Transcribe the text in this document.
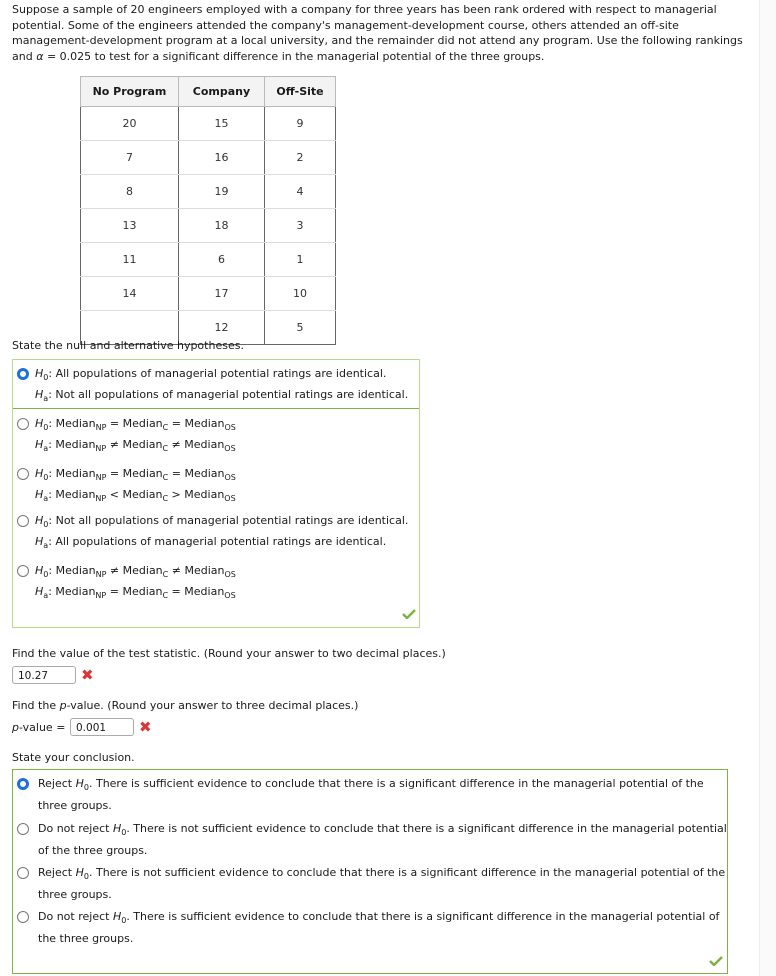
Suppose a sample of 20 engineers employed with a company for three years has been rank ordered with respect to managerial potential. Some of the engineers attended the company's management-development course, others attended an off-site management-development program at a local university, and the remainder did not attend any program. Use the following rankings and α = 0.025 to test for a significant difference in the managerial potential of the three groups.
No Program	Company	Off-Site
20	15	9
7	16	2
8	19	4
13	18	3
11	6	1
14	17	10
	12	5
State the null and alternative hypotheses.
$H_0$: All populations of managerial potential ratings are identical.
$H_a$: Not all populations of managerial potential ratings are identical.
$H_0$: Median$_{NP}$ = Median$_C$ = Median$_{OS}$
$H_a$: Median$_{NP}$ ≠ Median$_C$ ≠ Median$_{OS}$
$H_0$: Median$_{NP}$ = Median$_C$ = Median$_{OS}$
$H_a$: Median$_{NP}$ < Median$_C$ > Median$_{OS}$
$H_0$: Not all populations of managerial potential ratings are identical.
$H_a$: All populations of managerial potential ratings are identical.
$H_0$: Median$_{NP}$ ≠ Median$_C$ ≠ Median$_{OS}$
$H_a$: Median$_{NP}$ = Median$_C$ = Median$_{OS}$
Find the value of the test statistic. (Round your answer to two decimal places.)
10.27	✖
Find the p-value. (Round your answer to three decimal places.)
p-value =	0.001	✖
State your conclusion.
Reject $H_0$. There is sufficient evidence to conclude that there is a significant difference in the managerial potential of the three groups.
Do not reject $H_0$. There is not sufficient evidence to conclude that there is a significant difference in the managerial potential of the three groups.
Reject $H_0$. There is not sufficient evidence to conclude that there is a significant difference in the managerial potential of the three groups.
Do not reject $H_0$. There is sufficient evidence to conclude that there is a significant difference in the managerial potential of the three groups.
